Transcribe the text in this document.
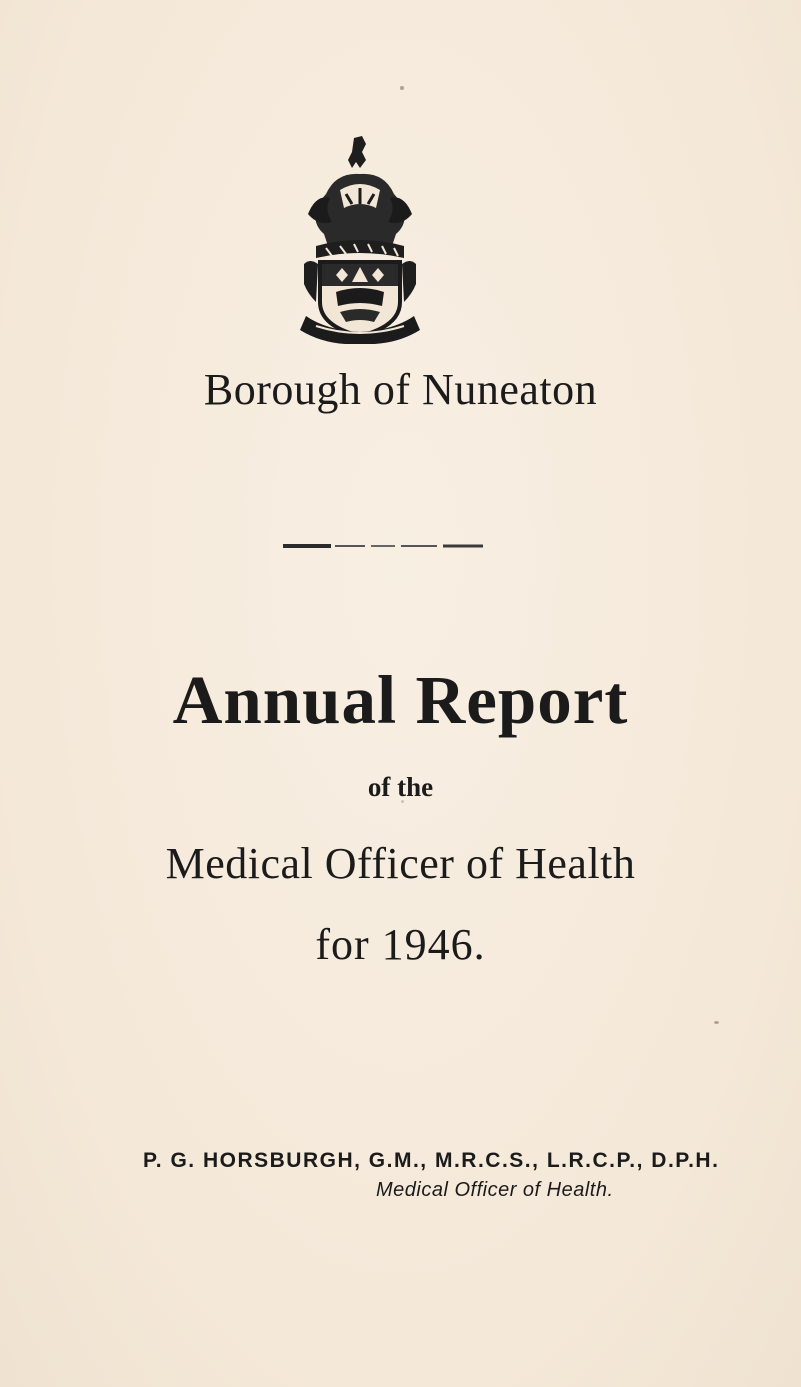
Borough of Nuneaton
Annual Report
of the
Medical Officer of Health
for 1946.
P. G. HORSBURGH, G.M., M.R.C.S., L.R.C.P., D.P.H.
Medical Officer of Health.
